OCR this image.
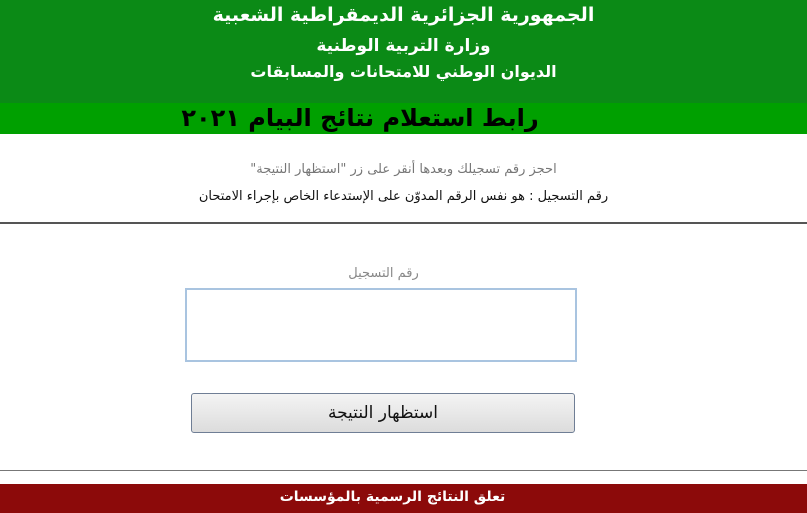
الجمهورية الجزائرية الديمقراطية الشعبية
وزارة التربية الوطنية
الديوان الوطني للامتحانات والمسابقات
رابط استعلام نتائج البيام ٢٠٢١
احجز رقم تسجيلك وبعدها أنقر على زر "استظهار النتيجة"
رقم التسجيل : هو نفس الرقم المدوّن على الإستدعاء الخاص بإجراء الامتحان
رقم التسجيل
استظهار النتيجة
تعلق النتائج الرسمية بالمؤسسات
